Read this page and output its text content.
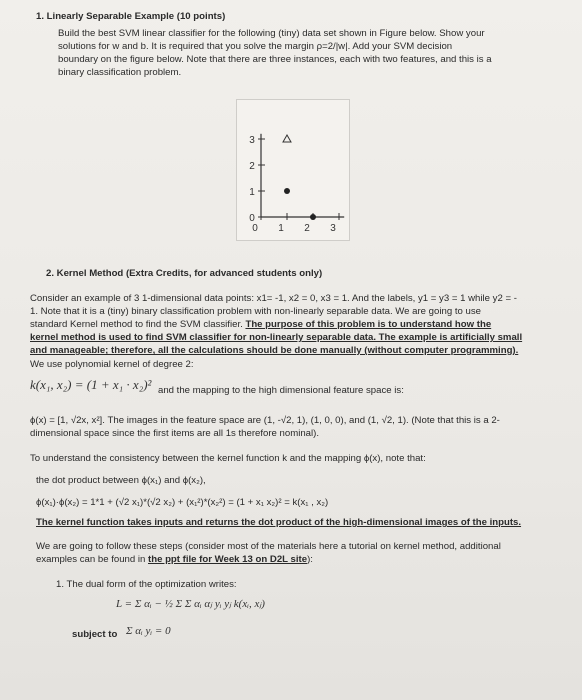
1. Linearly Separable Example (10 points)
Build the best SVM linear classifier for the following (tiny) data set shown in Figure below. Show your
solutions for w and b. It is required that you solve the margin ρ=2/|w|. Add your SVM decision
boundary on the figure below. Note that there are three instances, each with two features, and this is a
binary classification problem.
3
2
1
0
0 1 2 3
2. Kernel Method (Extra Credits, for advanced students only)
Consider an example of 3 1-dimensional data points: x1= -1, x2 = 0, x3 = 1. And the labels, y1 = y3 = 1 while y2 = -
1. Note that it is a (tiny) binary classification problem with non-linearly separable data. We are going to use
standard Kernel method to find the SVM classifier. The purpose of this problem is to understand how the
kernel method is used to find SVM classifier for non-linearly separable data. The example is artificially small
and manageable; therefore, all the calculations should be done manually (without computer programming).
We use polynomial kernel of degree 2:
k(x₁, x₂) = (1 + x₁ · x₂)² and the mapping to the high dimensional feature space is:
ϕ(x) = [1, √2x, x²]. The images in the feature space are (1, -√2, 1), (1, 0, 0), and (1, √2, 1). (Note that this is a 2-
dimensional space since the first items are all 1s therefore nominal).
To understand the consistency between the kernel function k and the mapping ϕ(x), note that:
the dot product between ϕ(x₁) and ϕ(x₂),
ϕ(x₁)·ϕ(x₂) = 1*1 + (√2 x₁)*(√2 x₂) + (x₁²)*(x₂²) = (1 + x₁ x₂)² = k(x₁ , x₂)
The kernel function takes inputs and returns the dot product of the high-dimensional images of the inputs.
We are going to follow these steps (consider most of the materials here a tutorial on kernel method, additional
examples can be found in the ppt file for Week 13 on D2L site):
1. The dual form of the optimization writes:
L = Σ αᵢ − ½ Σ Σ αᵢ αⱼ yᵢ yⱼ k(xᵢ, xⱼ)
subject to Σ αᵢ yᵢ = 0
